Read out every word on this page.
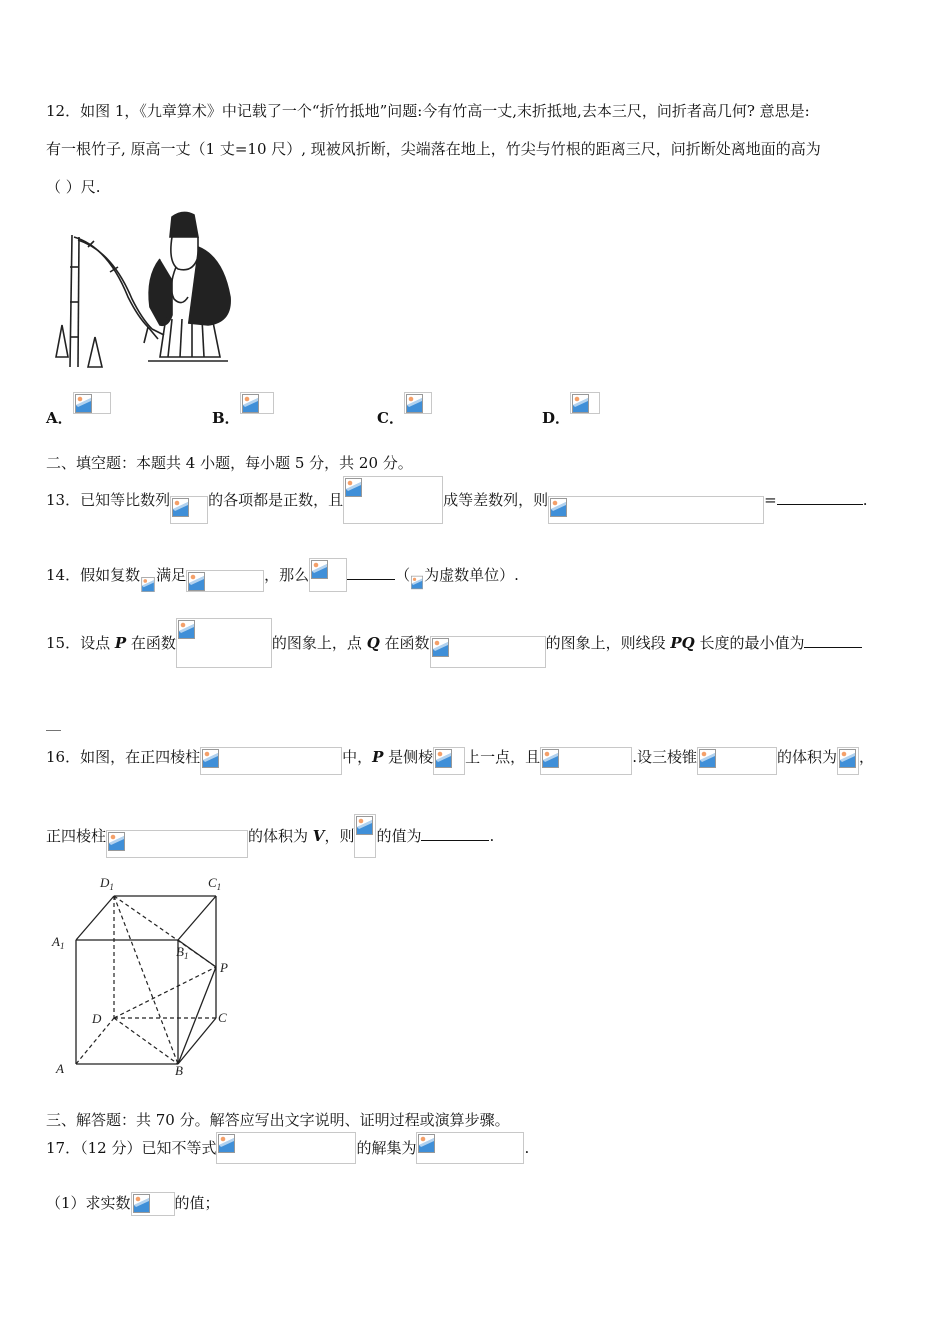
12．如图 1，《九章算术》中记载了一个“折竹抵地”问题:今有竹高一丈,末折抵地,去本三尺，问折者高几何? 意思是:
有一根竹子, 原高一丈（1 丈=10 尺）, 现被风折断，尖端落在地上，竹尖与竹根的距离三尺，问折断处离地面的高为
（ ）尺.
A．	B．	C．	D．
二、填空题：本题共 4 小题，每小题 5 分，共 20 分。
13．已知等比数列	的各项都是正数，且	成等差数列，则	=	.
14．假如复数 满足	，那么	（ 为虚数单位）.
15．设点 P 在函数	的图象上，点 Q 在函数	的图象上，则线段 PQ 长度的最小值为
__
16．如图，在正四棱柱	中，P 是侧棱 上一点，且	.设三棱锥	的体积为 ，
正四棱柱	的体积为 V，则 的值为	.
$D_1$	$C_1$
$A_1$	$B_1$
P
D	C
A	B
三、解答题：共 70 分。解答应写出文字说明、证明过程或演算步骤。
17．（12 分）已知不等式	的解集为	.
（1）求实数	的值；
